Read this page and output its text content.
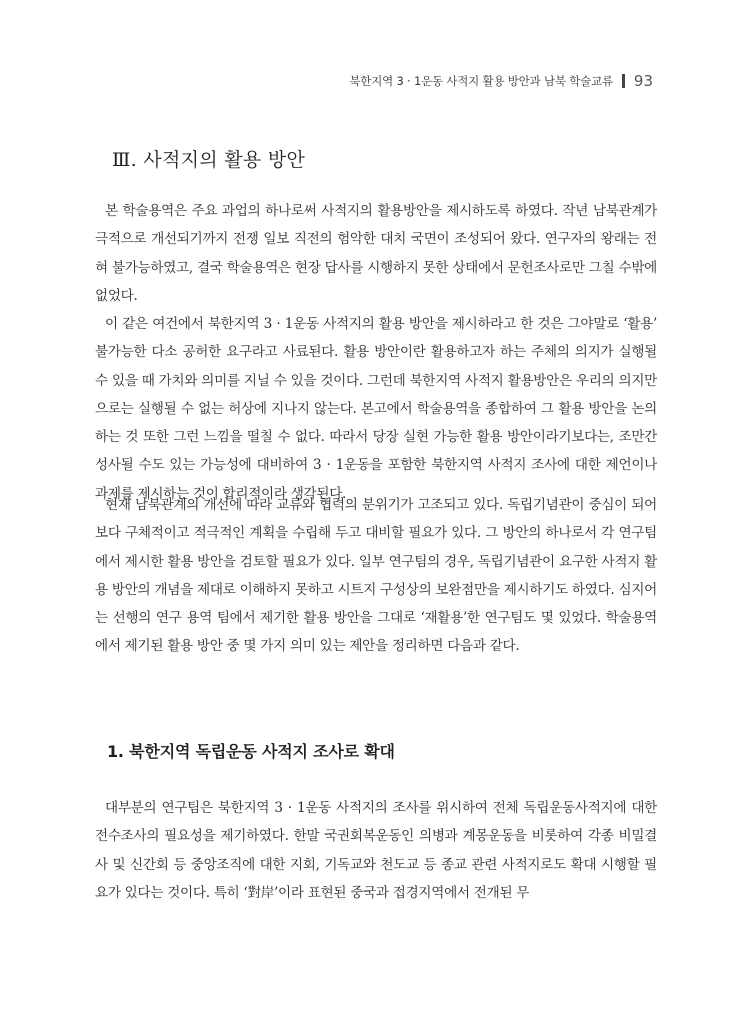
북한지역 3 · 1운동 사적지 활용 방안과 남북 학술교류 93
Ⅲ. 사적지의 활용 방안

본 학술용역은 주요 과업의 하나로써 사적지의 활용방안을 제시하도록 하였다. 작년 남북관계가 극적으로 개선되기까지 전쟁 일보 직전의 험악한 대치 국면이 조성되어 왔다. 연구자의 왕래는 전혀 불가능하였고, 결국 학술용역은 현장 답사를 시행하지 못한 상태에서 문헌조사로만 그칠 수밖에 없었다.

이 같은 여건에서 북한지역 3 · 1운동 사적지의 활용 방안을 제시하라고 한 것은 그야말로 ‘활용’ 불가능한 다소 공허한 요구라고 사료된다. 활용 방안이란 활용하고자 하는 주체의 의지가 실행될 수 있을 때 가치와 의미를 지닐 수 있을 것이다. 그런데 북한지역 사적지 활용방안은 우리의 의지만으로는 실행될 수 없는 허상에 지나지 않는다. 본고에서 학술용역을 종합하여 그 활용 방안을 논의하는 것 또한 그런 느낌을 떨칠 수 없다. 따라서 당장 실현 가능한 활용 방안이라기보다는, 조만간 성사될 수도 있는 가능성에 대비하여 3 · 1운동을 포함한 북한지역 사적지 조사에 대한 제언이나 과제를 제시하는 것이 합리적이라 생각된다.

현재 남북관계의 개선에 따라 교류와 협력의 분위기가 고조되고 있다. 독립기념관이 중심이 되어 보다 구체적이고 적극적인 계획을 수립해 두고 대비할 필요가 있다. 그 방안의 하나로서 각 연구팀에서 제시한 활용 방안을 검토할 필요가 있다. 일부 연구팀의 경우, 독립기념관이 요구한 사적지 활용 방안의 개념을 제대로 이해하지 못하고 시트지 구성상의 보완점만을 제시하기도 하였다. 심지어는 선행의 연구 용역 팀에서 제기한 활용 방안을 그대로 ‘재활용’한 연구팀도 몇 있었다. 학술용역에서 제기된 활용 방안 중 몇 가지 의미 있는 제안을 정리하면 다음과 같다.

1. 북한지역 독립운동 사적지 조사로 확대

대부분의 연구팀은 북한지역 3 · 1운동 사적지의 조사를 위시하여 전체 독립운동사적지에 대한 전수조사의 필요성을 제기하였다. 한말 국권회복운동인 의병과 계몽운동을 비롯하여 각종 비밀결사 및 신간회 등 중앙조직에 대한 지회, 기독교와 천도교 등 종교 관련 사적지로도 확대 시행할 필요가 있다는 것이다. 특히 ‘對岸’이라 표현된 중국과 접경지역에서 전개된 무
